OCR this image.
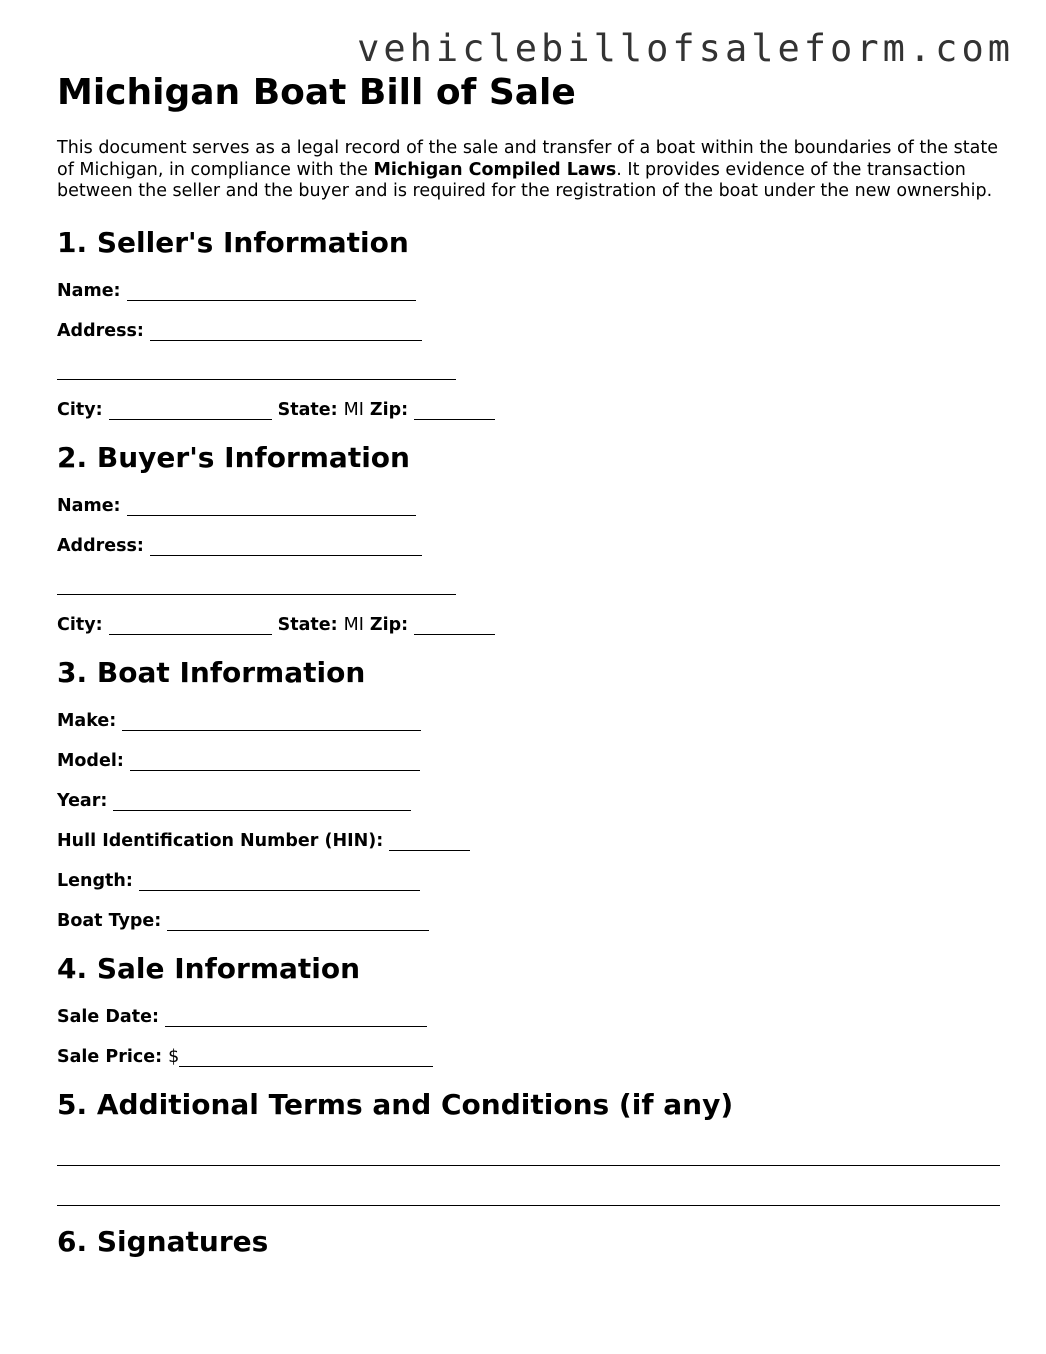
vehiclebillofsaleform.com
Michigan Boat Bill of Sale

This document serves as a legal record of the sale and transfer of a boat within the boundaries of the state of Michigan, in compliance with the Michigan Compiled Laws. It provides evidence of the transaction between the seller and the buyer and is required for the registration of the boat under the new ownership.

1. Seller's Information
Name:
Address:
City:	State: MI Zip:
2. Buyer's Information
Name:
Address:
City:	State: MI Zip:
3. Boat Information
Make:
Model:
Year:
Hull Identification Number (HIN):
Length:
Boat Type:
4. Sale Information
Sale Date:
Sale Price: $
5. Additional Terms and Conditions (if any)
6. Signatures
